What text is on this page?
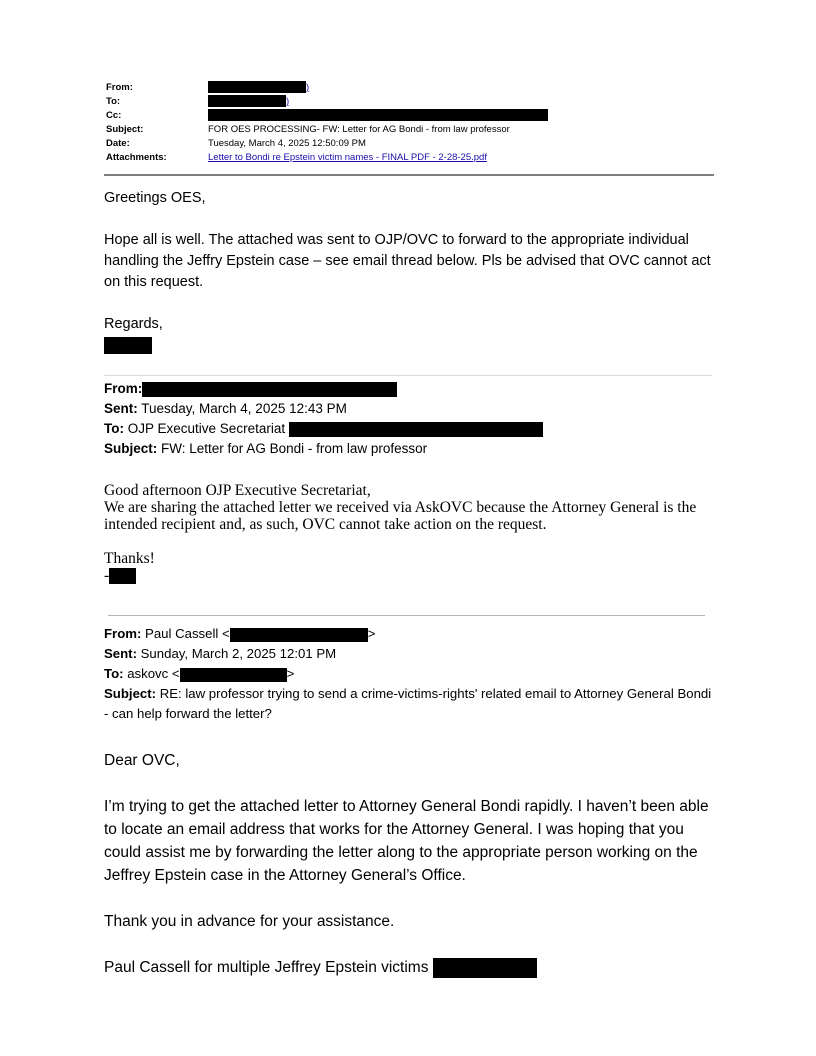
From:	)
To:	)
Cc:
Subject:	FOR OES PROCESSING- FW: Letter for AG Bondi - from law professor
Date:	Tuesday, March 4, 2025 12:50:09 PM
Attachments:	Letter to Bondi re Epstein victim names - FINAL PDF - 2-28-25.pdf
Greetings OES,
Hope all is well. The attached was sent to OJP/OVC to forward to the appropriate individual handling the Jeffry Epstein case – see email thread below. Pls be advised that OVC cannot act on this request.
Regards,
From:
Sent: Tuesday, March 4, 2025 12:43 PM
To: OJP Executive Secretariat
Subject: FW: Letter for AG Bondi - from law professor
Good afternoon OJP Executive Secretariat,
We are sharing the attached letter we received via AskOVC because the Attorney General is the intended recipient and, as such, OVC cannot take action on the request.
Thanks!
-
From: Paul Cassell <	>
Sent: Sunday, March 2, 2025 12:01 PM
To: askovc <	>
Subject: RE: law professor trying to send a crime-victims-rights' related email to Attorney General Bondi - can help forward the letter?
Dear OVC,
I’m trying to get the attached letter to Attorney General Bondi rapidly. I haven’t been able to locate an email address that works for the Attorney General. I was hoping that you could assist me by forwarding the letter along to the appropriate person working on the Jeffrey Epstein case in the Attorney General’s Office.
Thank you in advance for your assistance.
Paul Cassell for multiple Jeffrey Epstein victims
